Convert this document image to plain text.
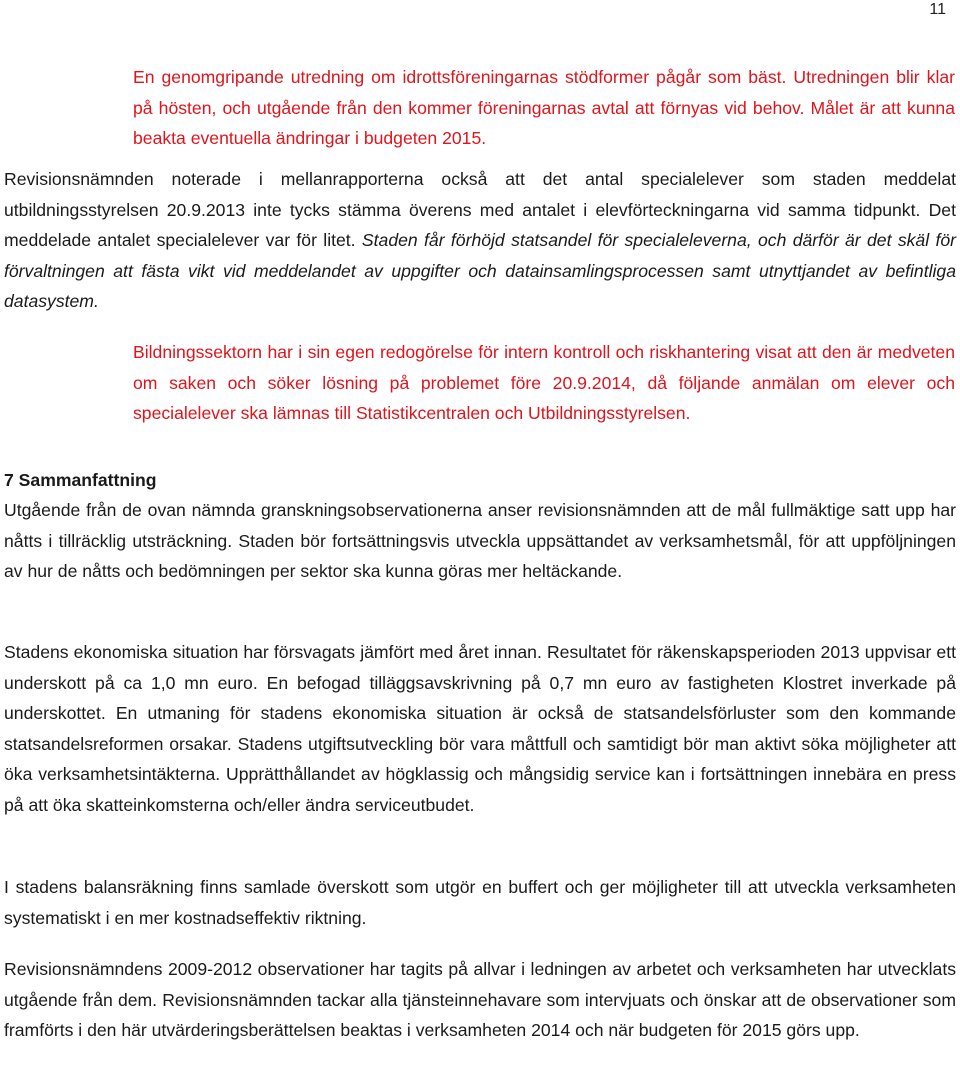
11

En genomgripande utredning om idrottsföreningarnas stödformer pågår som bäst. Utredningen blir klar på hösten, och utgående från den kommer föreningarnas avtal att förnyas vid behov. Målet är att kunna beakta eventuella ändringar i budgeten 2015.

Revisionsnämnden noterade i mellanrapporterna också att det antal specialelever som staden meddelat utbildningsstyrelsen 20.9.2013 inte tycks stämma överens med antalet i elevförteckningarna vid samma tidpunkt. Det meddelade antalet specialelever var för litet. Staden får förhöjd statsandel för specialeleverna, och därför är det skäl för förvaltningen att fästa vikt vid meddelandet av uppgifter och datainsamlingsprocessen samt utnyttjandet av befintliga datasystem.

Bildningssektorn har i sin egen redogörelse för intern kontroll och riskhantering visat att den är medveten om saken och söker lösning på problemet före 20.9.2014, då följande anmälan om elever och specialelever ska lämnas till Statistikcentralen och Utbildningsstyrelsen.

7 Sammanfattning

Utgående från de ovan nämnda granskningsobservationerna anser revisionsnämnden att de mål fullmäktige satt upp har nåtts i tillräcklig utsträckning. Staden bör fortsättningsvis utveckla uppsättandet av verksamhetsmål, för att uppföljningen av hur de nåtts och bedömningen per sektor ska kunna göras mer heltäckande.

Stadens ekonomiska situation har försvagats jämfört med året innan. Resultatet för räkenskapsperioden 2013 uppvisar ett underskott på ca 1,0 mn euro. En befogad tilläggsavskrivning på 0,7 mn euro av fastigheten Klostret inverkade på underskottet. En utmaning för stadens ekonomiska situation är också de statsandelsförluster som den kommande statsandelsreformen orsakar. Stadens utgiftsutveckling bör vara måttfull och samtidigt bör man aktivt söka möjligheter att öka verksamhetsintäkterna. Upprätthållandet av högklassig och mångsidig service kan i fortsättningen innebära en press på att öka skatteinkomsterna och/eller ändra serviceutbudet.

I stadens balansräkning finns samlade överskott som utgör en buffert och ger möjligheter till att utveckla verksamheten systematiskt i en mer kostnadseffektiv riktning.

Revisionsnämndens 2009-2012 observationer har tagits på allvar i ledningen av arbetet och verksamheten har utvecklats utgående från dem. Revisionsnämnden tackar alla tjänsteinnehavare som intervjuats och önskar att de observationer som framförts i den här utvärderingsberättelsen beaktas i verksamheten 2014 och när budgeten för 2015 görs upp.
